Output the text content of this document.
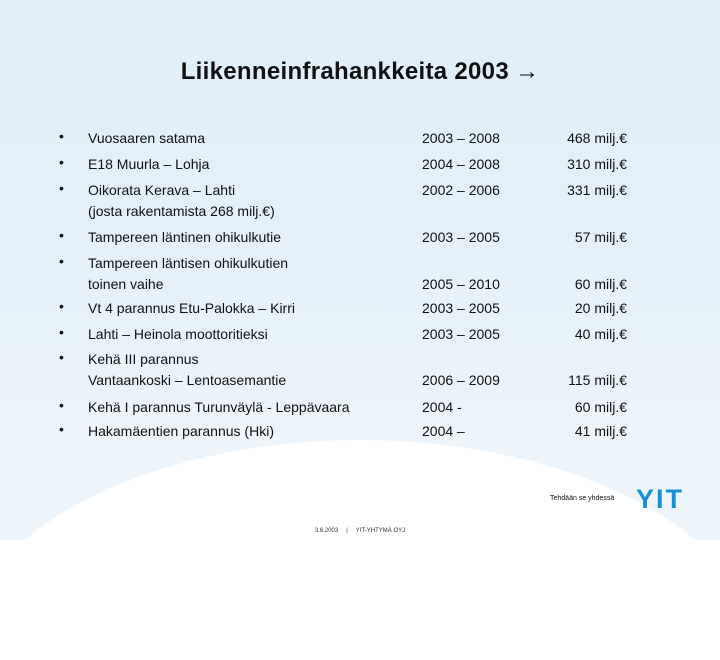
Liikenneinfrahankkeita 2003 →
• Vuosaaren satama	2003 – 2008	468 milj.€
• E18 Muurla – Lohja	2004 – 2008	310 milj.€
• Oikorata Kerava – Lahti
(josta rakentamista 268 milj.€)
2002 – 2006	331 milj.€
• Tampereen läntinen ohikulkutie	2003 – 2005	57 milj.€
• Tampereen läntisen ohikulkutien
toinen vaihe	2005 – 2010	60 milj.€
• Vt 4 parannus Etu-Palokka – Kirri	2003 – 2005	20 milj.€
• Lahti – Heinola moottoritieksi	2003 – 2005	40 milj.€
• Kehä III parannus
Vantaankoski – Lentoasemantie	2006 – 2009	115 milj.€
• Kehä I parannus Turunväylä - Leppävaara	2004 -	60 milj.€
• Hakamäentien parannus (Hki)	2004 –	41 milj.€
Tehdään se yhdessä YIT
3.6.2003 | YIT-YHTYMÄ OYJ
